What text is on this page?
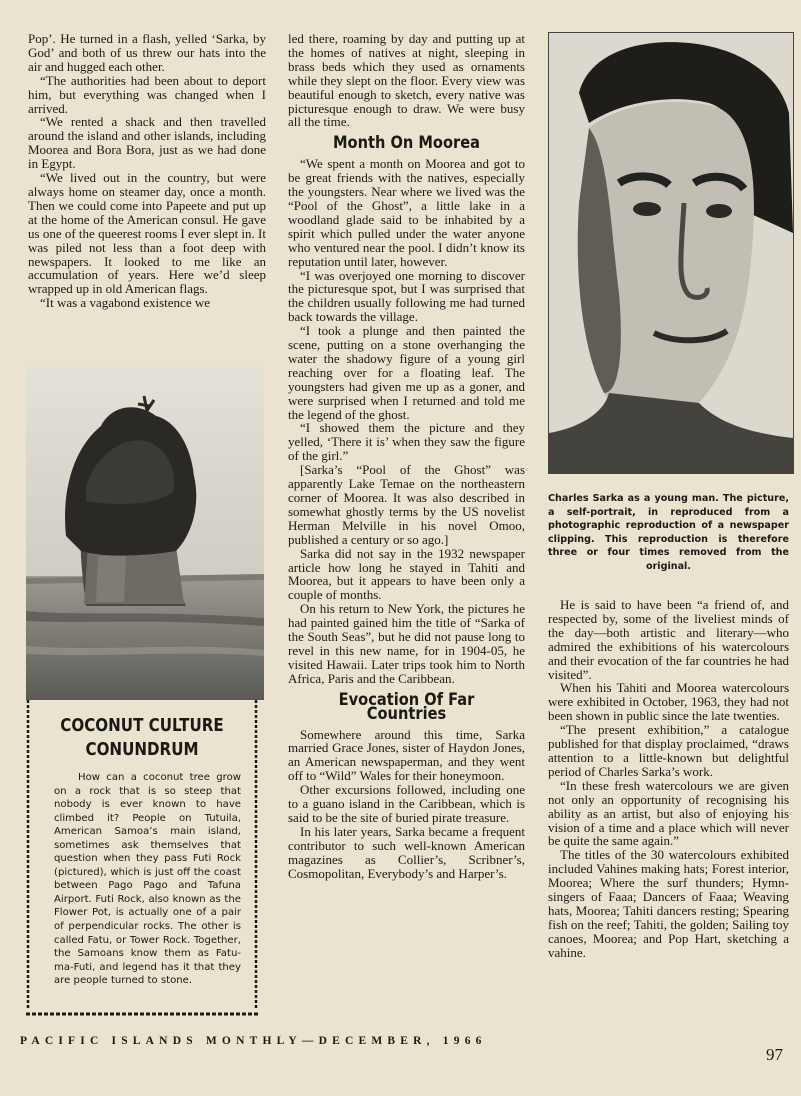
Pop’. He turned in a flash, yelled ‘Sarka, by God’ and both of us threw our hats into the air and hugged each other.

“The authorities had been about to deport him, but everything was changed when I arrived.

“We rented a shack and then travelled around the island and other islands, including Moorea and Bora Bora, just as we had done in Egypt.

“We lived out in the country, but were always home on steamer day, once a month. Then we could come into Papeete and put up at the home of the American consul. He gave us one of the queerest rooms I ever slept in. It was piled not less than a foot deep with newspapers. It looked to me like an accumulation of years. Here we’d sleep wrapped up in old American flags.

“It was a vagabond existence we

COCONUT CULTURE CONUNDRUM
How can a coconut tree grow on a rock that is so steep that nobody is ever known to have climbed it? People on Tutuila, American Samoa’s main island, sometimes ask themselves that question when they pass Futi Rock (pictured), which is just off the coast between Pago Pago and Tafuna Airport. Futi Rock, also known as the Flower Pot, is actually one of a pair of perpendicular rocks. The other is called Fatu, or Tower Rock. Together, the Samoans know them as Fatu-ma-Futi, and legend has it that they are people turned to stone.

led there, roaming by day and putting up at the homes of natives at night, sleeping in brass beds which they used as ornaments while they slept on the floor. Every view was beautiful enough to sketch, every native was picturesque enough to draw. We were busy all the time.

Month On Moorea

“We spent a month on Moorea and got to be great friends with the natives, especially the youngsters. Near where we lived was the “Pool of the Ghost”, a little lake in a woodland glade said to be inhabited by a spirit which pulled under the water anyone who ventured near the pool. I didn’t know its reputation until later, however.

“I was overjoyed one morning to discover the picturesque spot, but I was surprised that the children usually following me had turned back towards the village.

“I took a plunge and then painted the scene, putting on a stone overhanging the water the shadowy figure of a young girl reaching over for a floating leaf. The youngsters had given me up as a goner, and were surprised when I returned and told me the legend of the ghost.

“I showed them the picture and they yelled, ‘There it is’ when they saw the figure of the girl.”

[Sarka’s “Pool of the Ghost” was apparently Lake Temae on the northeastern corner of Moorea. It was also described in somewhat ghostly terms by the US novelist Herman Melville in his novel Omoo, published a century or so ago.]

Sarka did not say in the 1932 newspaper article how long he stayed in Tahiti and Moorea, but it appears to have been only a couple of months.

On his return to New York, the pictures he had painted gained him the title of “Sarka of the South Seas”, but he did not pause long to revel in this new name, for in 1904-05, he visited Hawaii. Later trips took him to North Africa, Paris and the Caribbean.

Evocation Of Far Countries

Somewhere around this time, Sarka married Grace Jones, sister of Haydon Jones, an American newspaperman, and they went off to “Wild” Wales for their honeymoon.

Other excursions followed, including one to a guano island in the Caribbean, which is said to be the site of buried pirate treasure.

In his later years, Sarka became a frequent contributor to such well-known American magazines as Collier’s, Scribner’s, Cosmopolitan, Everybody’s and Harper’s.

Charles Sarka as a young man. The picture, a self-portrait, in reproduced from a photographic reproduction of a newspaper clipping. This reproduction is therefore three or four times removed from the original.

He is said to have been “a friend of, and respected by, some of the liveliest minds of the day—both artistic and literary—who admired the exhibitions of his watercolours and their evocation of the far countries he had visited”.

When his Tahiti and Moorea watercolours were exhibited in October, 1963, they had not been shown in public since the late twenties.

“The present exhibition,” a catalogue published for that display proclaimed, “draws attention to a little-known but delightful period of Charles Sarka’s work.

“In these fresh watercolours we are given not only an opportunity of recognising his ability as an artist, but also of enjoying his vision of a time and a place which will never be quite the same again.”

The titles of the 30 watercolours exhibited included Vahines making hats; Forest interior, Moorea; Where the surf thunders; Hymn-singers of Faaa; Dancers of Faaa; Weaving hats, Moorea; Tahiti dancers resting; Spearing fish on the reef; Tahiti, the golden; Sailing toy canoes, Moorea; and Pop Hart, sketching a vahine.

PACIFIC ISLANDS MONTHLY—DECEMBER, 1966
97
